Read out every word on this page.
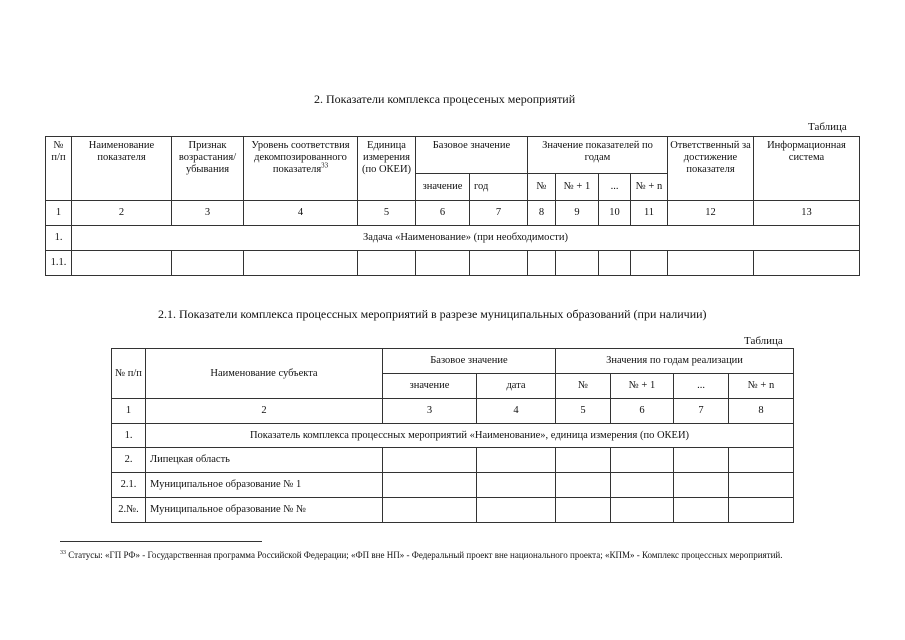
2. Показатели комплекса процесеных мероприятий
Таблица
№ п/п	Наименование показателя	Признак возрастания/ убывания	Уровень соответствия декомпозированного показателя$^{33}$	Единица измерения (по ОКЕИ)	Базовое значение		Значение показателей по годам				Ответственный за достижение показателя	Информационная система
					значение	год	№	№ + 1	...	№ + n		
1	2	3	4	5	6	7	8	9	10	11	12	13
1.	Задача «Наименование» (при необходимости)											
1.1.												
2.1. Показатели комплекса процессных мероприятий в разрезе муниципальных образований (при наличии)
Таблица
№ п/п	Наименование субъекта	Базовое значение		Значения по годам реализации			
		значение	дата	№	№ + 1	...	№ + n
1	2	3	4	5	6	7	8
1.	Показатель комплекса процессных мероприятий «Наименование», единица измерения (по ОКЕИ)						
2.	Липецкая область						
2.1.	Муниципальное образование № 1						
2.№.	Муниципальное образование № №						
$^{33}$ Статусы: «ГП РФ» - Государственная программа Российской Федерации; «ФП вне НП» - Федеральный проект вне национального проекта; «КПМ» - Комплекс процессных мероприятий.
